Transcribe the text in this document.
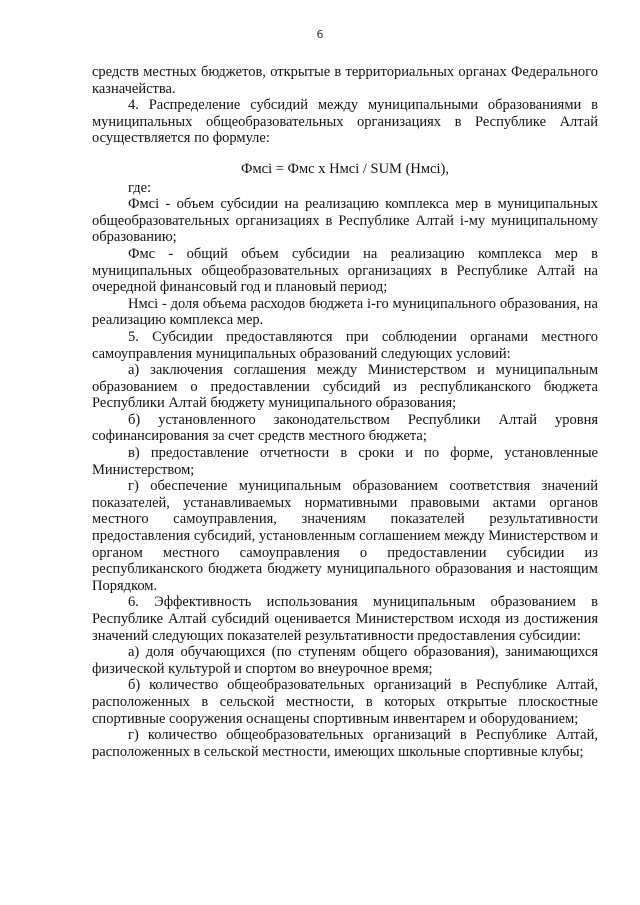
6

средств местных бюджетов, открытые в территориальных органах Федерального казначейства.

4. Распределение субсидий между муниципальными образованиями в муниципальных общеобразовательных организациях в Республике Алтай осуществляется по формуле:

Фмсi = Фмс x Нмсi / SUM (Нмсi),

где:

Фмсi - объем субсидии на реализацию комплекса мер в муниципальных общеобразовательных организациях в Республике Алтай i-му муниципальному образованию;

Фмс - общий объем субсидии на реализацию комплекса мер в муниципальных общеобразовательных организациях в Республике Алтай на очередной финансовый год и плановый период;

Нмсi - доля объема расходов бюджета i-го муниципального образования, на реализацию комплекса мер.

5. Субсидии предоставляются при соблюдении органами местного самоуправления муниципальных образований следующих условий:

а) заключения соглашения между Министерством и муниципальным образованием о предоставлении субсидий из республиканского бюджета Республики Алтай бюджету муниципального образования;

б) установленного законодательством Республики Алтай уровня софинансирования за счет средств местного бюджета;

в) предоставление отчетности в сроки и по форме, установленные Министерством;

г) обеспечение муниципальным образованием соответствия значений показателей, устанавливаемых нормативными правовыми актами органов местного самоуправления, значениям показателей результативности предоставления субсидий, установленным соглашением между Министерством и органом местного самоуправления о предоставлении субсидии из республиканского бюджета бюджету муниципального образования и настоящим Порядком.

6. Эффективность использования муниципальным образованием в Республике Алтай субсидий оценивается Министерством исходя из достижения значений следующих показателей результативности предоставления субсидии:

а) доля обучающихся (по ступеням общего образования), занимающихся физической культурой и спортом во внеурочное время;

б) количество общеобразовательных организаций в Республике Алтай, расположенных в сельской местности, в которых открытые плоскостные спортивные сооружения оснащены спортивным инвентарем и оборудованием;

г) количество общеобразовательных организаций в Республике Алтай, расположенных в сельской местности, имеющих школьные спортивные клубы;
